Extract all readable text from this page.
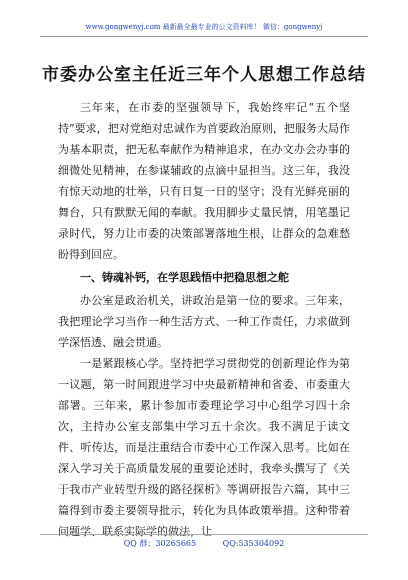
www.gongwenyj.com 最新最全最专业的公文资料库！ 微信：gongwenyj
市委办公室主任近三年个人思想工作总结

三年来，在市委的坚强领导下，我始终牢记“五个坚持”要求，把对党绝对忠诚作为首要政治原则，把服务大局作为基本职责，把无私奉献作为精神追求，在办文办会办事的细微处见精神，在参谋辅政的点滴中显担当。这三年，我没有惊天动地的壮举，只有日复一日的坚守；没有光鲜亮丽的舞台，只有默默无闻的奉献。我用脚步丈量民情，用笔墨记录时代，努力让市委的决策部署落地生根，让群众的急难愁盼得到回应。

一、铸魂补钙，在学思践悟中把稳思想之舵

办公室是政治机关，讲政治是第一位的要求。三年来，我把理论学习当作一种生活方式、一种工作责任，力求做到学深悟透、融会贯通。

一是紧跟核心学。坚持把学习贯彻党的创新理论作为第一议题，第一时间跟进学习中央最新精神和省委、市委重大部署。三年来，累计参加市委理论学习中心组学习四十余次，主持办公室支部集中学习五十余次。我不满足于读文件、听传达，而是注重结合市委中心工作深入思考。比如在深入学习关于高质量发展的重要论述时，我牵头撰写了《关于我市产业转型升级的路径探析》等调研报告六篇，其中三篇得到市委主要领导批示，转化为具体政策举措。这种带着问题学、联系实际学的做法，让

QQ 群：30265665	QQ:535304092
